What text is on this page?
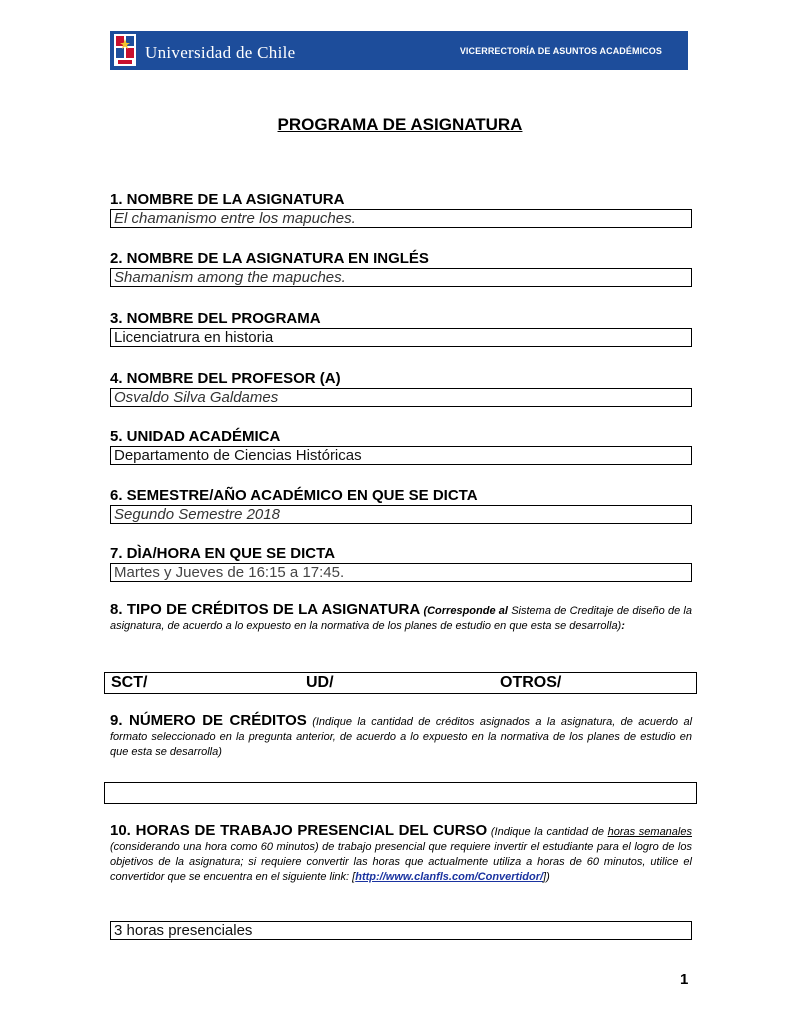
Universidad de Chile	VICERRECTORÍA DE ASUNTOS ACADÉMICOS
PROGRAMA DE ASIGNATURA
1. NOMBRE DE LA ASIGNATURA
El chamanismo entre los mapuches.
2. NOMBRE DE LA ASIGNATURA EN INGLÉS
Shamanism among the mapuches.
3. NOMBRE DEL PROGRAMA
Licenciatrura en historia
4. NOMBRE DEL PROFESOR (A)
Osvaldo Silva Galdames
5. UNIDAD ACADÉMICA
Departamento de Ciencias Históricas
6. SEMESTRE/AÑO ACADÉMICO EN QUE SE DICTA
Segundo Semestre 2018
7. DÌA/HORA EN QUE SE DICTA
Martes y Jueves de 16:15 a 17:45.
8. TIPO DE CRÉDITOS DE LA ASIGNATURA (Corresponde al Sistema de Creditaje de diseño de la asignatura, de acuerdo a lo expuesto en la normativa de los planes de estudio en que esta se desarrolla):
SCT/	UD/	OTROS/
9. NÚMERO DE CRÉDITOS (Indique la cantidad de créditos asignados a la asignatura, de acuerdo al formato seleccionado en la pregunta anterior, de acuerdo a lo expuesto en la normativa de los planes de estudio en que esta se desarrolla)
10. HORAS DE TRABAJO PRESENCIAL DEL CURSO (Indique la cantidad de horas semanales (considerando una hora como 60 minutos) de trabajo presencial que requiere invertir el estudiante para el logro de los objetivos de la asignatura; si requiere convertir las horas que actualmente utiliza a horas de 60 minutos, utilice el convertidor que se encuentra en el siguiente link: [http://www.clanfls.com/Convertidor/])
3 horas presenciales
1
